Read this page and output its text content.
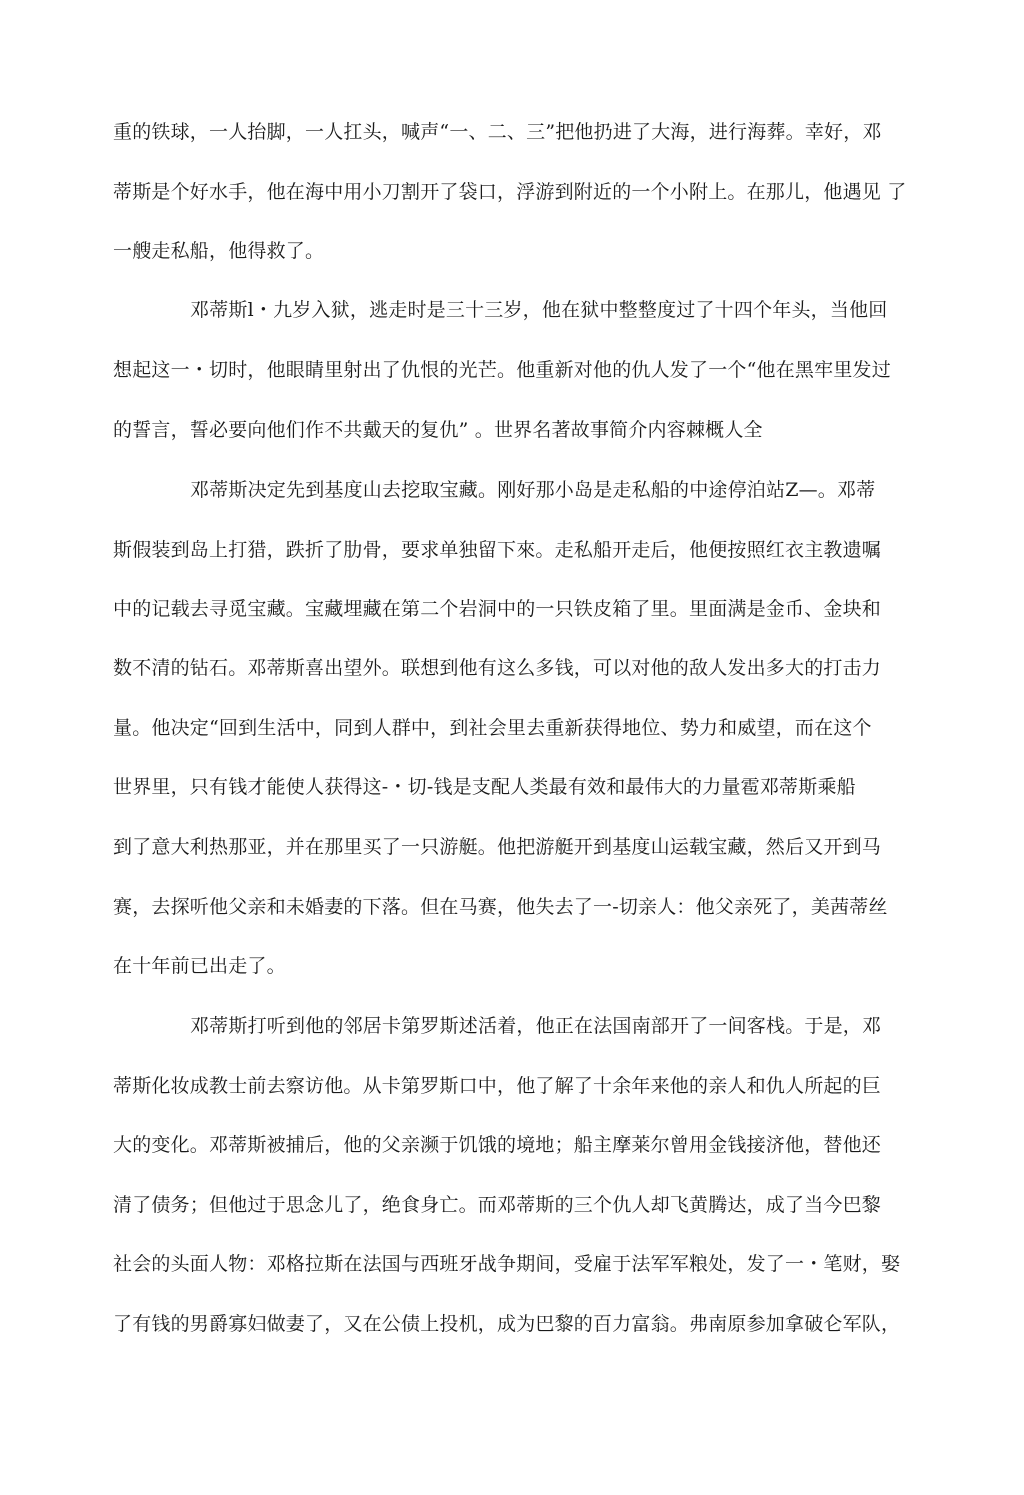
重的铁球，一人抬脚，一人扛头，喊声“一、二、三”把他扔进了大海，进行海葬。幸好，邓
蒂斯是个好水手，他在海中用小刀割开了袋口，浮游到附近的一个小附上。在那儿，他遇见 了
一艘走私船，他得救了。
邓蒂斯l・九岁入狱，逃走时是三十三岁，他在狱中整整度过了十四个年头，当他回
想起这一・切时，他眼睛里射出了仇恨的光芒。他重新对他的仇人发了一个“他在黑牢里发过
的誓言，誓必要向他们作不共戴天的复仇” 。世界名著故事简介内容棘概人全
邓蒂斯决定先到基度山去挖取宝藏。刚好那小岛是走私船的中途停泊站Z—。邓蒂
斯假装到岛上打猎，跌折了肋骨，要求单独留下來。走私船开走后，他便按照红衣主教遗嘱
中的记载去寻觅宝藏。宝藏埋藏在第二个岩洞中的一只铁皮箱了里。里面满是金币、金块和
数不清的钻石。邓蒂斯喜出望外。联想到他有这么多钱，可以对他的敌人发出多大的打击力
量。他决定“回到生活中，同到人群中，到社会里去重新获得地位、势力和威望，而在这个
世界里，只有钱才能使人获得这-・切-钱是支配人类最有效和最伟大的力量雹邓蒂斯乘船
到了意大利热那亚，并在那里买了一只游艇。他把游艇开到基度山运载宝藏，然后又开到马
赛，去探听他父亲和未婚妻的下落。但在马赛，他失去了一-切亲人：他父亲死了，美茜蒂丝
在十年前已出走了。
邓蒂斯打听到他的邻居卡第罗斯述活着，他正在法国南部开了一间客栈。于是，邓
蒂斯化妆成教士前去察访他。从卡第罗斯口中，他了解了十余年来他的亲人和仇人所起的巨
大的变化。邓蒂斯被捕后，他的父亲濒于饥饿的境地；船主摩莱尔曾用金钱接济他，替他还
清了债务；但他过于思念儿了，绝食身亡。而邓蒂斯的三个仇人却飞黄腾达，成了当今巴黎
社会的头面人物：邓格拉斯在法国与西班牙战争期间，受雇于法军军粮处，发了一・笔财，娶
了有钱的男爵寡妇做妻了，又在公债上投机，成为巴黎的百力富翁。弗南原参加拿破仑军队，
